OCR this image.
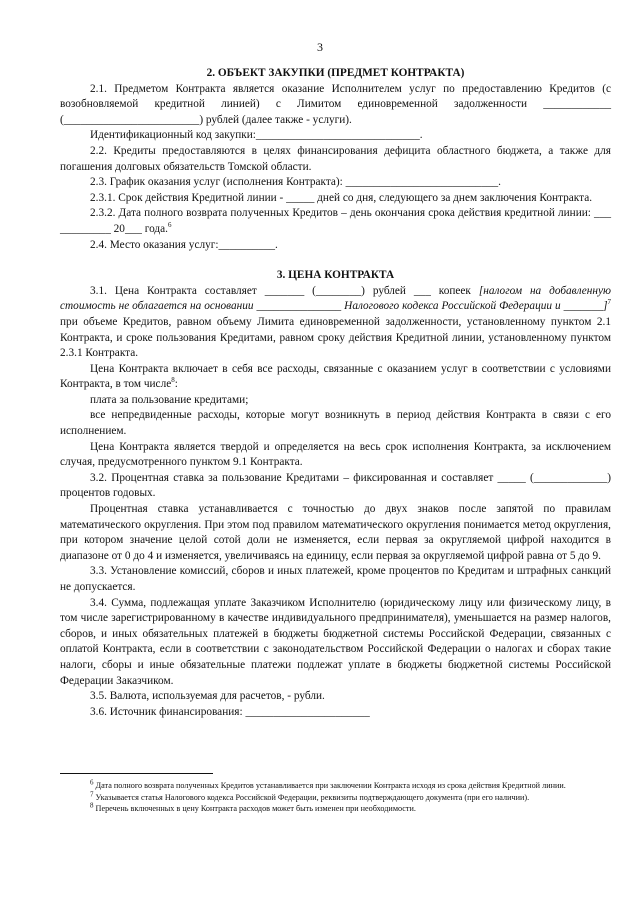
3

2. ОБЪЕКТ ЗАКУПКИ (ПРЕДМЕТ КОНТРАКТА)

2.1. Предметом Контракта является оказание Исполнителем услуг по предоставлению Кредитов (с возобновляемой кредитной линией) с Лимитом единовременной задолженности ____________ (________________________) рублей (далее также - услуги).

Идентификационный код закупки:_____________________________.

2.2. Кредиты предоставляются в целях финансирования дефицита областного бюджета, а также для погашения долговых обязательств Томской области.

2.3. График оказания услуг (исполнения Контракта): ___________________________.

2.3.1. Срок действия Кредитной линии - _____ дней со дня, следующего за днем заключения Контракта.

2.3.2. Дата полного возврата полученных Кредитов – день окончания срока действия кредитной линии: ___ _________ 20___ года.$^6$

2.4. Место оказания услуг:__________.

3. ЦЕНА КОНТРАКТА

3.1. Цена Контракта составляет _______ (________) рублей ___ копеек [налогом на добавленную стоимость не облагается на основании _______________ Налогового кодекса Российской Федерации и _______]$^7$ при объеме Кредитов, равном объему Лимита единовременной задолженности, установленному пунктом 2.1 Контракта, и сроке пользования Кредитами, равном сроку действия Кредитной линии, установленному пунктом 2.3.1 Контракта.

Цена Контракта включает в себя все расходы, связанные с оказанием услуг в соответствии с условиями Контракта, в том числе$^8$:

плата за пользование кредитами;

все непредвиденные расходы, которые могут возникнуть в период действия Контракта в связи с его исполнением.

Цена Контракта является твердой и определяется на весь срок исполнения Контракта, за исключением случая, предусмотренного пунктом 9.1 Контракта.

3.2. Процентная ставка за пользование Кредитами – фиксированная и составляет _____ (_____________) процентов годовых.

Процентная ставка устанавливается с точностью до двух знаков после запятой по правилам математического округления. При этом под правилом математического округления понимается метод округления, при котором значение целой сотой доли не изменяется, если первая за округляемой цифрой находится в диапазоне от 0 до 4 и изменяется, увеличиваясь на единицу, если первая за округляемой цифрой равна от 5 до 9.

3.3. Установление комиссий, сборов и иных платежей, кроме процентов по Кредитам и штрафных санкций не допускается.

3.4. Сумма, подлежащая уплате Заказчиком Исполнителю (юридическому лицу или физическому лицу, в том числе зарегистрированному в качестве индивидуального предпринимателя), уменьшается на размер налогов, сборов, и иных обязательных платежей в бюджеты бюджетной системы Российской Федерации, связанных с оплатой Контракта, если в соответствии с законодательством Российской Федерации о налогах и сборах такие налоги, сборы и иные обязательные платежи подлежат уплате в бюджеты бюджетной системы Российской Федерации Заказчиком.

3.5. Валюта, используемая для расчетов, - рубли.

3.6. Источник финансирования: ______________________

$^6$ Дата полного возврата полученных Кредитов устанавливается при заключении Контракта исходя из срока действия Кредитной линии.

$^7$ Указывается статья Налогового кодекса Российской Федерации, реквизиты подтверждающего документа (при его наличии).

$^8$ Перечень включенных в цену Контракта расходов может быть изменен при необходимости.
